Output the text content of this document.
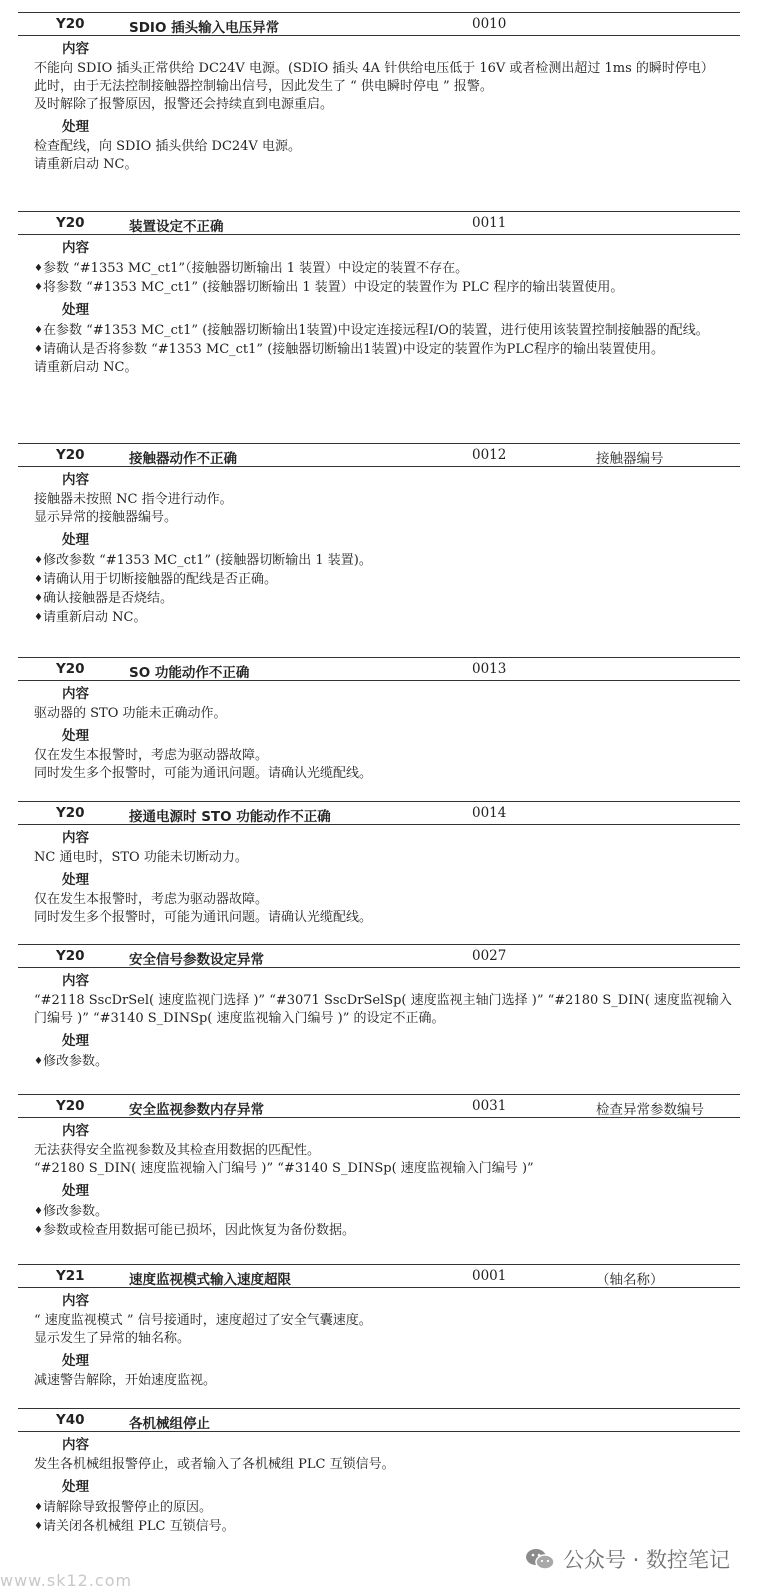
Y20	SDIO 插头输入电压异常	0010
内容
不能向 SDIO 插头正常供给 DC24V 电源。(SDIO 插头 4A 针供给电压低于 16V 或者检测出超过 1ms 的瞬时停电）
此时，由于无法控制接触器控制输出信号，因此发生了 “ 供电瞬时停电 ” 报警。
及时解除了报警原因，报警还会持续直到电源重启。
处理
检查配线，向 SDIO 插头供给 DC24V 电源。
请重新启动 NC。
Y20	装置设定不正确	0011
内容
♦ 参数 “#1353 MC_ct1”（接触器切断输出 1 装置）中设定的装置不存在。
♦ 将参数 “#1353 MC_ct1” (接触器切断输出 1 装置）中设定的装置作为 PLC 程序的输出装置使用。
处理
♦ 在参数 “#1353 MC_ct1” (接触器切断输出1装置)中设定连接远程I/O的装置，进行使用该装置控制接触器的配线。
♦ 请确认是否将参数 “#1353 MC_ct1” (接触器切断输出1装置)中设定的装置作为PLC程序的输出装置使用。
请重新启动 NC。
Y20	接触器动作不正确	0012	接触器编号
内容
接触器未按照 NC 指令进行动作。
显示异常的接触器编号。
处理
♦ 修改参数 “#1353 MC_ct1” (接触器切断输出 1 装置)。
♦ 请确认用于切断接触器的配线是否正确。
♦ 确认接触器是否烧结。
♦ 请重新启动 NC。
Y20	SO 功能动作不正确	0013
内容
驱动器的 STO 功能未正确动作。
处理
仅在发生本报警时，考虑为驱动器故障。
同时发生多个报警时，可能为通讯问题。请确认光缆配线。
Y20	接通电源时 STO 功能动作不正确	0014
内容
NC 通电时，STO 功能未切断动力。
处理
仅在发生本报警时，考虑为驱动器故障。
同时发生多个报警时，可能为通讯问题。请确认光缆配线。
Y20	安全信号参数设定异常	0027
内容
“#2118 SscDrSel( 速度监视门选择 )” “#3071 SscDrSelSp( 速度监视主轴门选择 )” “#2180 S_DIN( 速度监视输入门编号 )” “#3140 S_DINSp( 速度监视输入门编号 )” 的设定不正确。
处理
♦ 修改参数。
Y20	安全监视参数内存异常	0031	检查异常参数编号
内容
无法获得安全监视参数及其检查用数据的匹配性。
“#2180 S_DIN( 速度监视输入门编号 )” “#3140 S_DINSp( 速度监视输入门编号 )”
处理
♦ 修改参数。
♦ 参数或检查用数据可能已损坏，因此恢复为备份数据。
Y21	速度监视模式输入速度超限	0001	（轴名称）
内容
“ 速度监视模式 ” 信号接通时，速度超过了安全气囊速度。
显示发生了异常的轴名称。
处理
减速警告解除，开始速度监视。
Y40	各机械组停止
内容
发生各机械组报警停止，或者输入了各机械组 PLC 互锁信号。
处理
♦ 请解除导致报警停止的原因。
♦ 请关闭各机械组 PLC 互锁信号。
公众号 · 数控笔记
www.sk12.com
